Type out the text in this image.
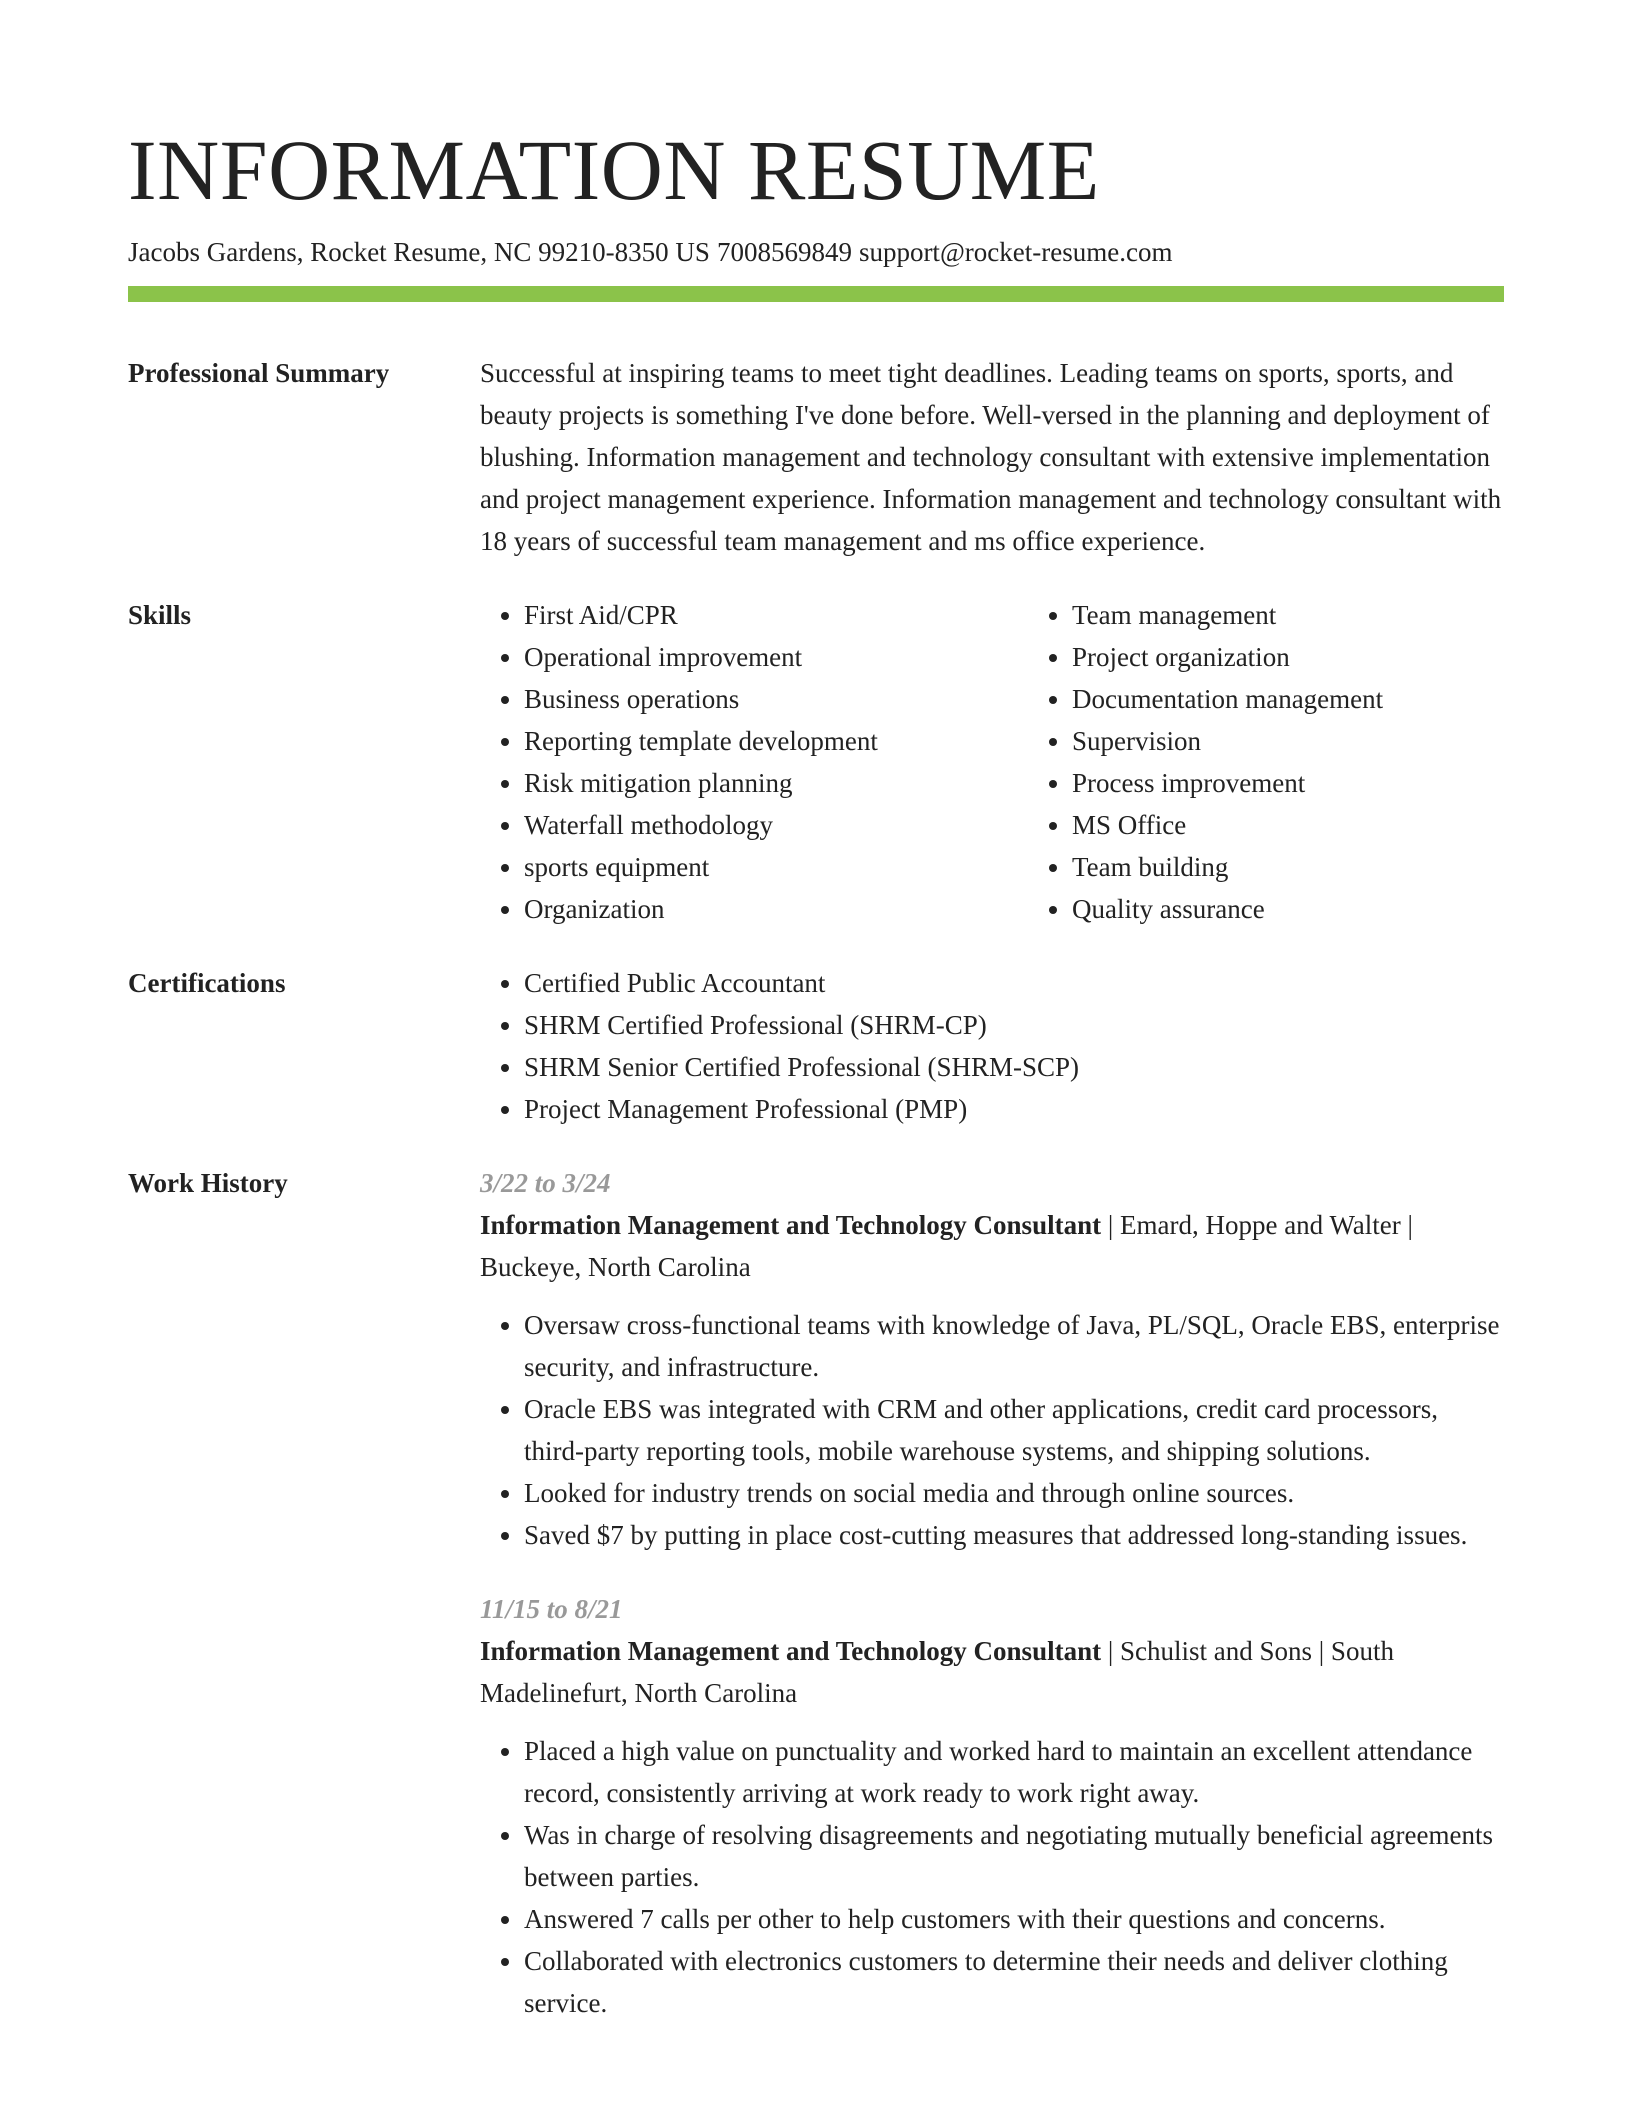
INFORMATION RESUME
Jacobs Gardens, Rocket Resume, NC 99210-8350 US 7008569849 support@rocket-resume.com
Professional Summary	Successful at inspiring teams to meet tight deadlines. Leading teams on sports, sports, and beauty projects is something I've done before. Well-versed in the planning and deployment of blushing. Information management and technology consultant with extensive implementation and project management experience. Information management and technology consultant with 18 years of successful team management and ms office experience.
Skills	• First Aid/CPR
• Operational improvement
• Business operations
• Reporting template development
• Risk mitigation planning
• Waterfall methodology
• sports equipment
• Organization
• Team management
• Project organization
• Documentation management
• Supervision
• Process improvement
• MS Office
• Team building
• Quality assurance
Certifications	• Certified Public Accountant
• SHRM Certified Professional (SHRM-CP)
• SHRM Senior Certified Professional (SHRM-SCP)
• Project Management Professional (PMP)
Work History	3/22 to 3/24
Information Management and Technology Consultant | Emard, Hoppe and Walter | Buckeye, North Carolina
• Oversaw cross-functional teams with knowledge of Java, PL/SQL, Oracle EBS, enterprise security, and infrastructure.
• Oracle EBS was integrated with CRM and other applications, credit card processors, third-party reporting tools, mobile warehouse systems, and shipping solutions.
• Looked for industry trends on social media and through online sources.
• Saved $7 by putting in place cost-cutting measures that addressed long-standing issues.
11/15 to 8/21
Information Management and Technology Consultant | Schulist and Sons | South Madelinefurt, North Carolina
• Placed a high value on punctuality and worked hard to maintain an excellent attendance record, consistently arriving at work ready to work right away.
• Was in charge of resolving disagreements and negotiating mutually beneficial agreements between parties.
• Answered 7 calls per other to help customers with their questions and concerns.
• Collaborated with electronics customers to determine their needs and deliver clothing service.
